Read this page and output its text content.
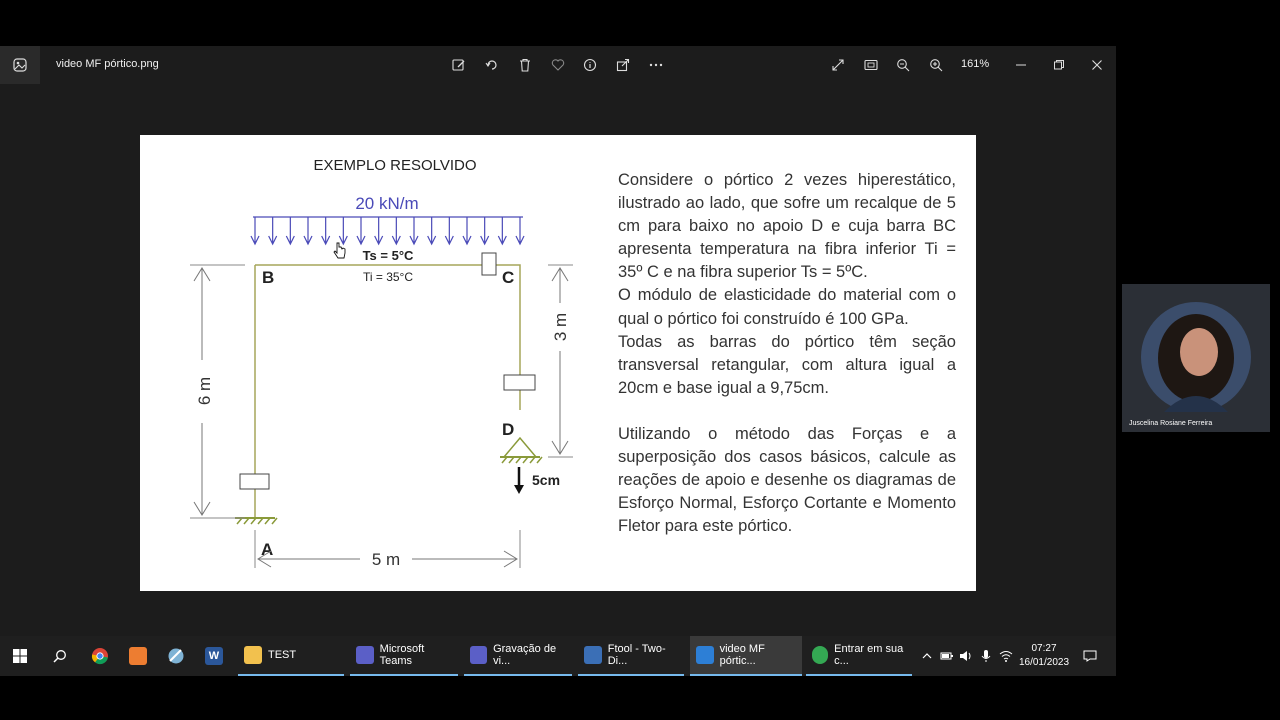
video MF pórtico.png	161%
EXEMPLO RESOLVIDO
20 kN/m
Ts = 5°C
Ti = 35°C
B	C
D
A
5cm
6 m
3 m
5 m

Considere o pórtico 2 vezes hiperestático, ilustrado ao lado, que sofre um recalque de 5 cm para baixo no apoio D e cuja barra BC apresenta temperatura na fibra inferior Ti = 35º C e na fibra superior Ts = 5ºC.

O módulo de elasticidade do material com o qual o pórtico foi construído é 100 GPa.

Todas as barras do pórtico têm seção transversal retangular, com altura igual a 20cm e base igual a 9,75cm.

Utilizando o método das Forças e a superposição dos casos básicos, calcule as reações de apoio e desenhe os diagramas de Esforço Normal, Esforço Cortante e Momento Fletor para este pórtico.

Juscelina Rosiane Ferreira
W	TEST	Microsoft Teams
Gravação de vi...
Ftool - Two-Di...
video MF pórtic...
Entrar em sua c...
07:27
16/01/2023
